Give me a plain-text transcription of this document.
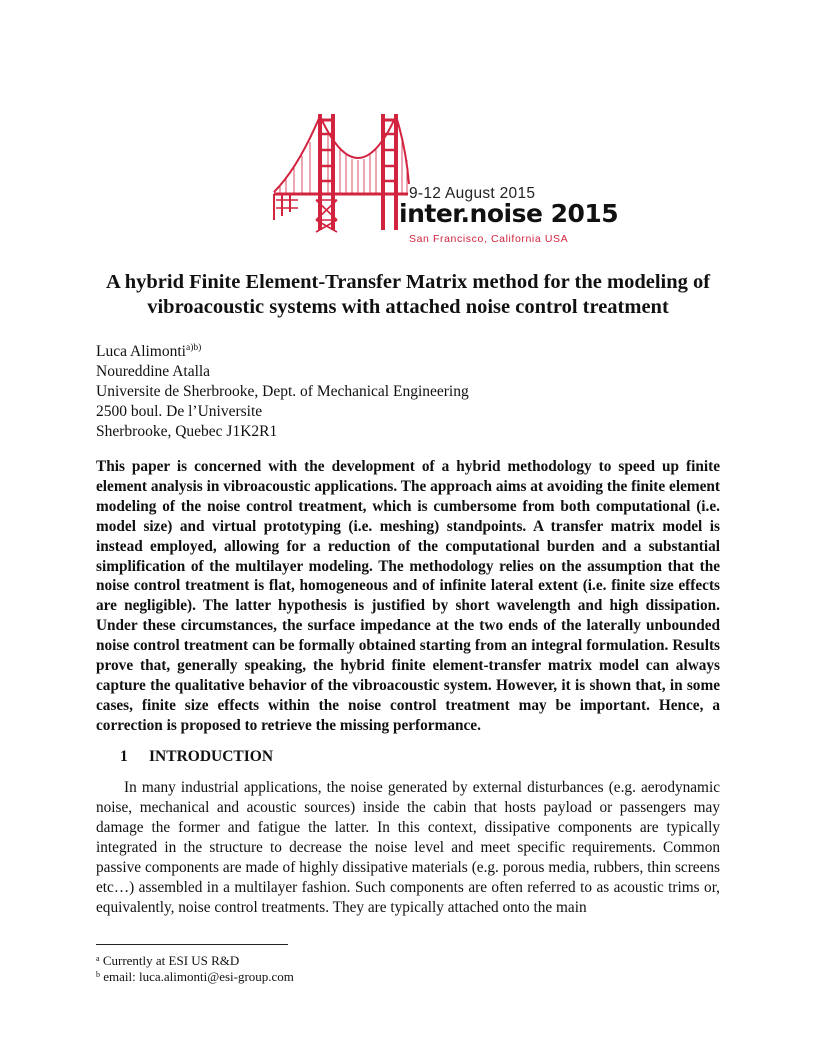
9-12 August 2015
inter.noise 2015
San Francisco, California USA
A hybrid Finite Element-Transfer Matrix method for the modeling of vibroacoustic systems with attached noise control treatment
Luca Alimonti$^{a)b)}$
Noureddine Atalla
Universite de Sherbrooke, Dept. of Mechanical Engineering
2500 boul. De l’Universite
Sherbrooke, Quebec J1K2R1

This paper is concerned with the development of a hybrid methodology to speed up finite element analysis in vibroacoustic applications. The approach aims at avoiding the finite element modeling of the noise control treatment, which is cumbersome from both computational (i.e. model size) and virtual prototyping (i.e. meshing) standpoints. A transfer matrix model is instead employed, allowing for a reduction of the computational burden and a substantial simplification of the multilayer modeling. The methodology relies on the assumption that the noise control treatment is flat, homogeneous and of infinite lateral extent (i.e. finite size effects are negligible). The latter hypothesis is justified by short wavelength and high dissipation. Under these circumstances, the surface impedance at the two ends of the laterally unbounded noise control treatment can be formally obtained starting from an integral formulation. Results prove that, generally speaking, the hybrid finite element-transfer matrix model can always capture the qualitative behavior of the vibroacoustic system. However, it is shown that, in some cases, finite size effects within the noise control treatment may be important. Hence, a correction is proposed to retrieve the missing performance.

1 INTRODUCTION

In many industrial applications, the noise generated by external disturbances (e.g. aerodynamic noise, mechanical and acoustic sources) inside the cabin that hosts payload or passengers may damage the former and fatigue the latter. In this context, dissipative components are typically integrated in the structure to decrease the noise level and meet specific requirements. Common passive components are made of highly dissipative materials (e.g. porous media, rubbers, thin screens etc…) assembled in a multilayer fashion. Such components are often referred to as acoustic trims or, equivalently, noise control treatments. They are typically attached onto the main

$^a$ Currently at ESI US R&D
$^b$ email: luca.alimonti@esi-group.com
